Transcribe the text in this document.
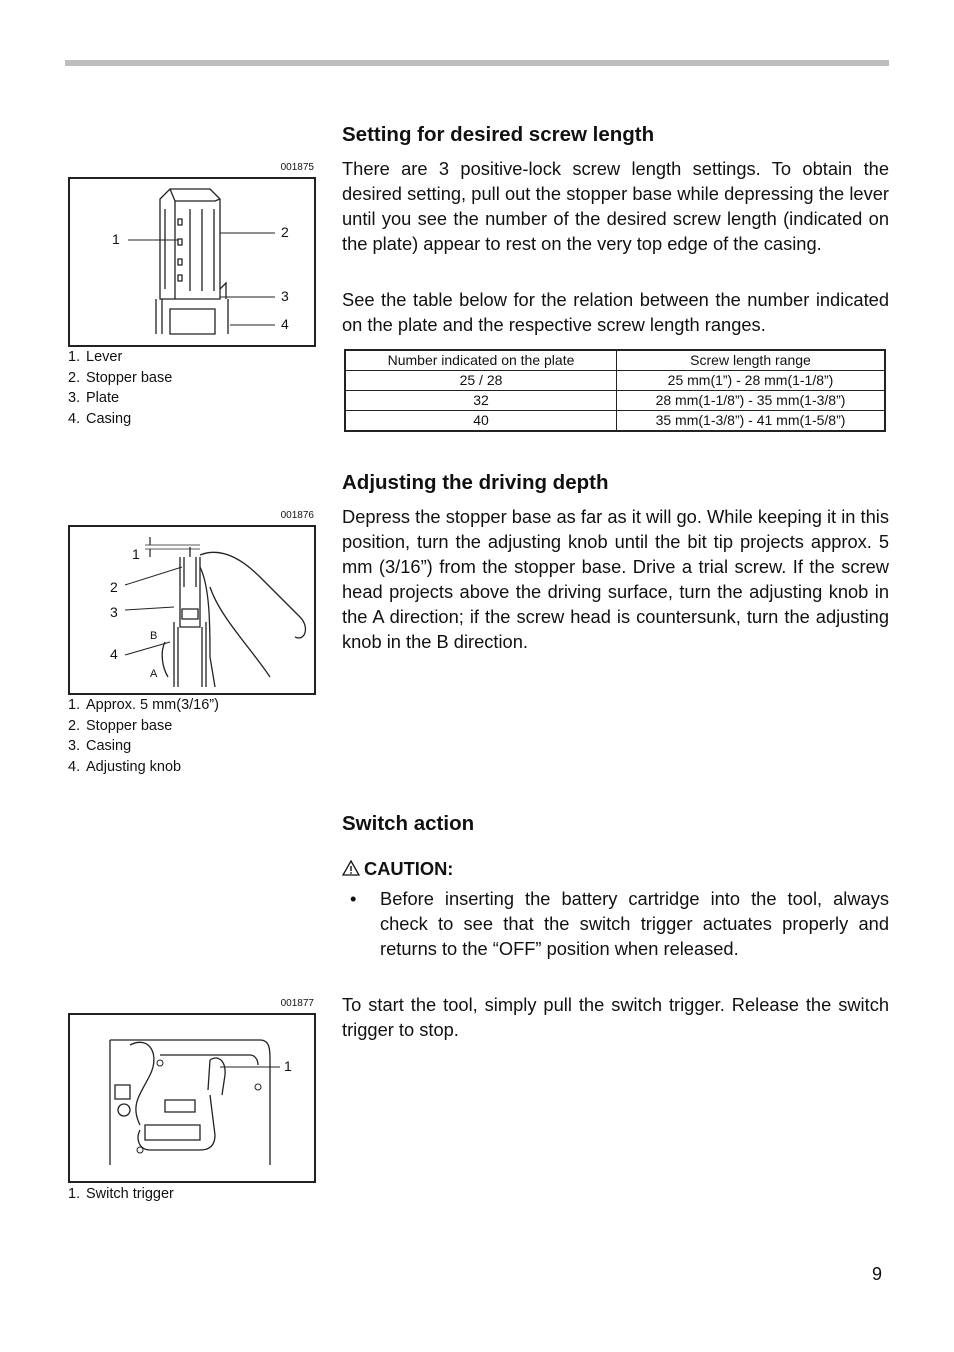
001875
1	2
3
4
1. Lever
2. Stopper base
3. Plate
4. Casing
001876
1
2
3
4
B
A
1. Approx. 5 mm(3/16”)
2. Stopper base
3. Casing
4. Adjusting knob
001877
1
1. Switch trigger
Setting for desired screw length

There are 3 positive-lock screw length settings. To obtain the desired setting, pull out the stopper base while depressing the lever until you see the number of the desired screw length (indicated on the plate) appear to rest on the very top edge of the casing.

See the table below for the relation between the number indicated on the plate and the respective screw length ranges.

Number indicated on the plate	Screw length range
25 / 28	25 mm(1”) - 28 mm(1-1/8”)
32	28 mm(1-1/8”) - 35 mm(1-3/8”)
40	35 mm(1-3/8”) - 41 mm(1-5/8”)
Adjusting the driving depth

Depress the stopper base as far as it will go. While keeping it in this position, turn the adjusting knob until the bit tip projects approx. 5 mm (3/16”) from the stopper base. Drive a trial screw. If the screw head projects above the driving surface, turn the adjusting knob in the A direction; if the screw head is countersunk, turn the adjusting knob in the B direction.

Switch action
CAUTION:
• Before inserting the battery cartridge into the tool, always check to see that the switch trigger actuates properly and returns to the “OFF” position when released.

To start the tool, simply pull the switch trigger. Release the switch trigger to stop.

9
